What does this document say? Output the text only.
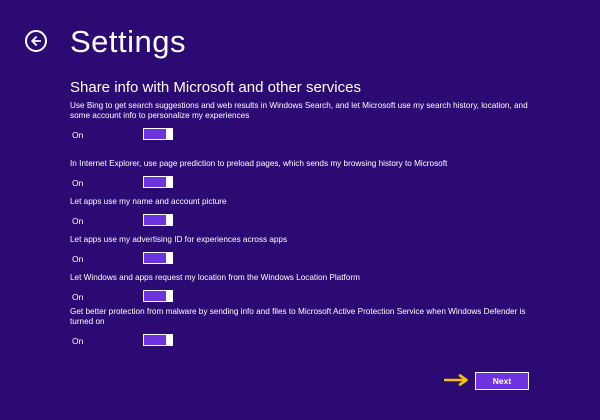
Settings
Share info with Microsoft and other services
Use Bing to get search suggestions and web results in Windows Search, and let Microsoft use my search history, location, and some account info to personalize my experiences
On
In Internet Explorer, use page prediction to preload pages, which sends my browsing history to Microsoft
On
Let apps use my name and account picture
On
Let apps use my advertising ID for experiences across apps
On
Let Windows and apps request my location from the Windows Location Platform
On
Get better protection from malware by sending info and files to Microsoft Active Protection Service when Windows Defender is turned on
On
Next
